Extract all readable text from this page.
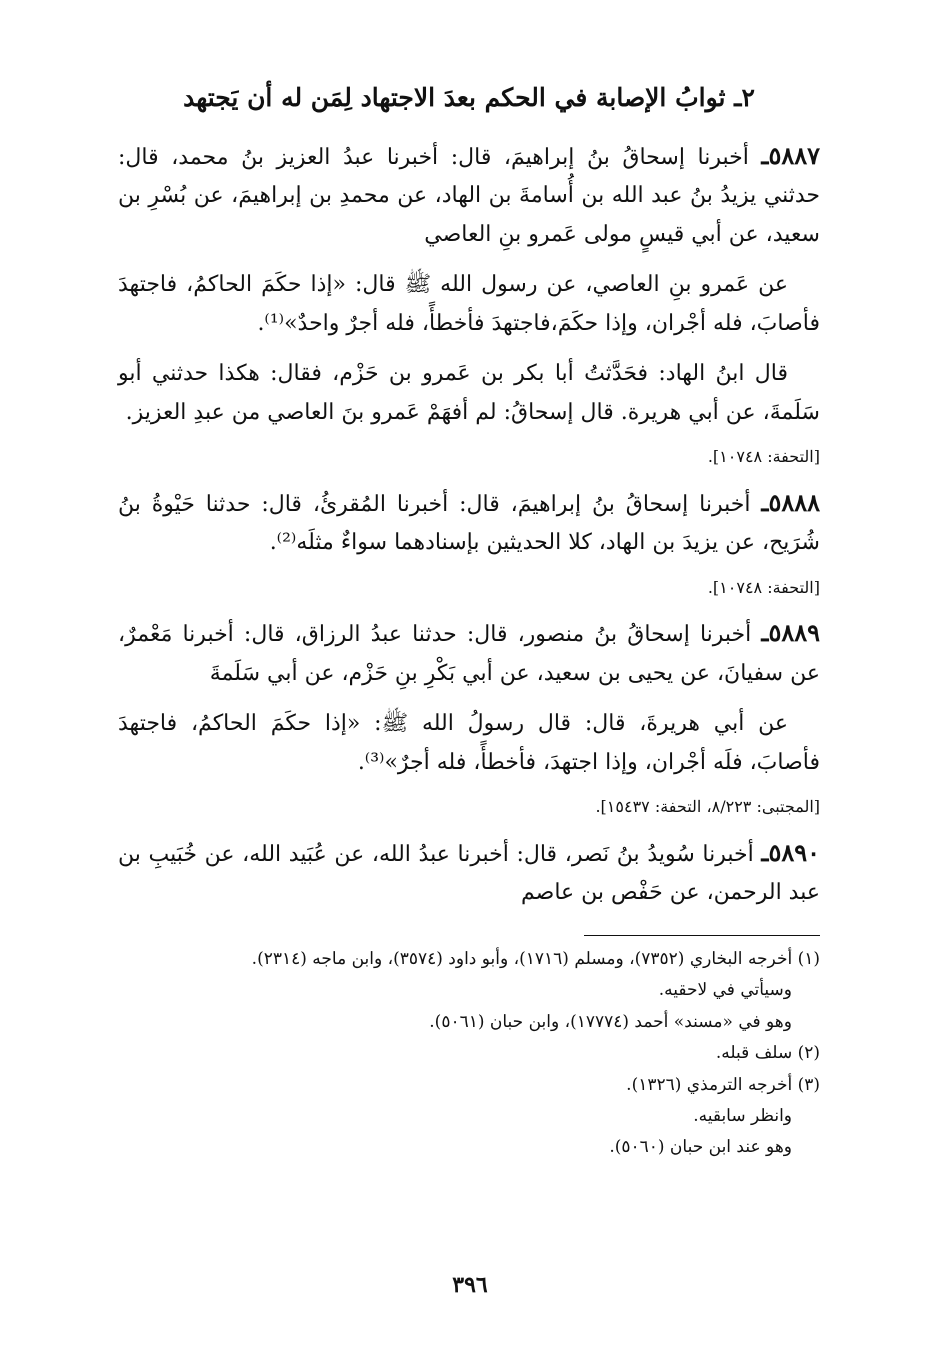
٢ـ ثوابُ الإصابة في الحكم بعدَ الاجتهاد لِمَن له أن يَجتهد

٥٨٨٧ـ أخبرنا إسحاقُ بنُ إبراهيمَ، قال: أخبرنا عبدُ العزيز بنُ محمد، قال: حدثني يزيدُ بنُ عبد الله بن أُسامةَ بن الهاد، عن محمدِ بن إبراهيمَ، عن بُسْرِ بن سعيد، عن أبي قيسٍ مولى عَمرو بنِ العاصي

عن عَمرو بنِ العاصي، عن رسول الله ﷺ قال: «إذا حكَمَ الحاكمُ، فاجتهدَ فأصابَ، فله أجْران، وإذا حكَمَ،فاجتهدَ فأخطأً، فله أجرٌ واحدٌ»⁽¹⁾.

قال ابنُ الهاد: فحَدَّثتُ أبا بكر بن عَمرو بن حَزْم، فقال: هكذا حدثني أبو سَلَمةَ، عن أبي هريرة. قال إسحاقُ: لم أفهَمْ عَمرو بنَ العاصي من عبدِ العزيز.

[التحفة: ١٠٧٤٨].

٥٨٨٨ـ أخبرنا إسحاقُ بنُ إبراهيمَ، قال: أخبرنا المُقرئُ، قال: حدثنا حَيْوةُ بنُ شُرَيح، عن يزيدَ بن الهاد، كلا الحديثين بإسنادهما سواءٌ مثلَه⁽²⁾.

[التحفة: ١٠٧٤٨].

٥٨٨٩ـ أخبرنا إسحاقُ بنُ منصور، قال: حدثنا عبدُ الرزاق، قال: أخبرنا مَعْمرٌ، عن سفيانَ، عن يحيى بن سعيد، عن أبي بَكْرِ بنِ حَزْم، عن أبي سَلَمةَ

عن أبي هريرةَ، قال: قال رسولُ الله ﷺ: «إذا حكَمَ الحاكمُ، فاجتهدَ فأصابَ، فلَه أجْران، وإذا اجتهدَ، فأخطأً، فله أجرٌ»⁽³⁾.

[المجتبى: ٨/٢٢٣، التحفة: ١٥٤٣٧].

٥٨٩٠ـ أخبرنا سُويدُ بنُ نَصر، قال: أخبرنا عبدُ الله، عن عُبَيد الله، عن خُبَيبِ بن عبد الرحمن، عن حَفْص بن عاصم

(١) أخرجه البخاري (٧٣٥٢)، ومسلم (١٧١٦)، وأبو داود (٣٥٧٤)، وابن ماجه (٢٣١٤).

وسيأتي في لاحقيه.

وهو في «مسند» أحمد (١٧٧٧٤)، وابن حبان (٥٠٦١).

(٢) سلف قبله.

(٣) أخرجه الترمذي (١٣٢٦).

وانظر سابقيه.

وهو عند ابن حبان (٥٠٦٠).

٣٩٦
